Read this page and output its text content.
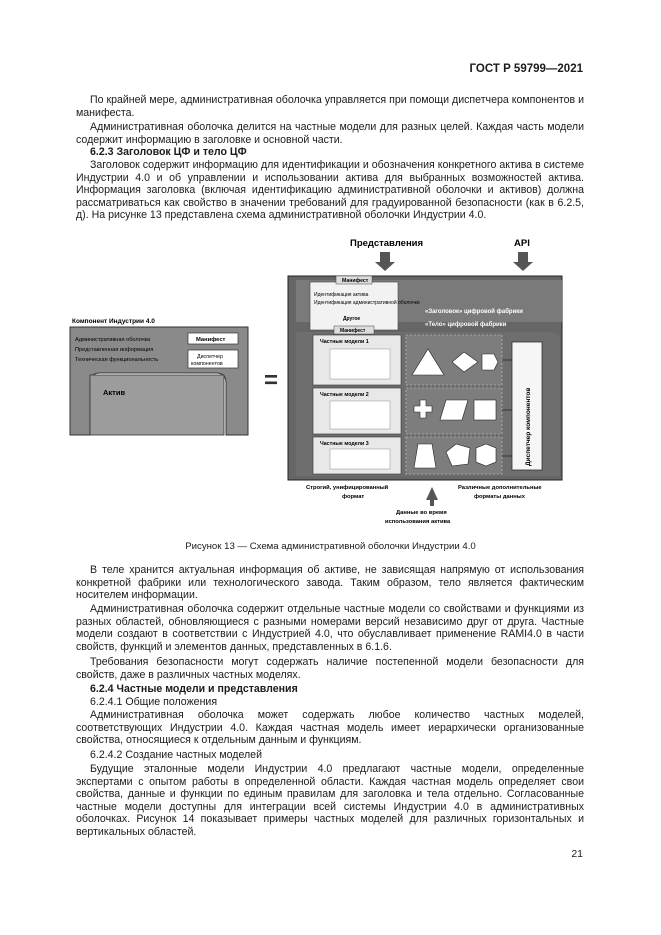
ГОСТ Р 59799—2021

По крайней мере, административная оболочка управляется при помощи диспетчера компонентов и манифеста.

Административная оболочка делится на частные модели для разных целей. Каждая часть модели содержит информацию в заголовке и основной части.

6.2.3 Заголовок ЦФ и тело ЦФ

Заголовок содержит информацию для идентификации и обозначения конкретного актива в системе Индустрии 4.0 и об управлении и использовании актива для выбранных возможностей актива. Информация заголовка (включая идентификацию административной оболочки и активов) должна рассматриваться как свойство в значении требований для градуированной безопасности (как в 6.2.5, д). На рисунке 13 представлена схема административной оболочки Индустрии 4.0.

Представления	API
Компонент Индустрии 4.0
Актив
Административная оболочка
Представленная информация
Техническая функциональность
Манифест
Диспетчер
компонентов
=
Манифест
Идентификация актива
Идентификация административной оболочки
Другое
«Заголовок» цифровой фабрики
«Тело» цифровой фабрики
Манифест
Частные модели 1
Частные модели 2
Частные модели 3	Диспетчер компонентов
Строгий, унифицированный
формат
Различные дополнительные
форматы данных
Данные во время
использования актива
Рисунок 13 — Схема административной оболочки Индустрии 4.0

В теле хранится актуальная информация об активе, не зависящая напрямую от использования конкретной фабрики или технологического завода. Таким образом, тело является фактическим носителем информации.

Административная оболочка содержит отдельные частные модели со свойствами и функциями из разных областей, обновляющиеся с разными номерами версий независимо друг от друга. Частные модели создают в соответствии с Индустрией 4.0, что обуславливает применение RAMI4.0 в части свойств, функций и элементов данных, представленных в 6.1.6.

Требования безопасности могут содержать наличие постепенной модели безопасности для свойств, даже в различных частных моделях.

6.2.4 Частные модели и представления

6.2.4.1 Общие положения

Административная оболочка может содержать любое количество частных моделей, соответствующих Индустрии 4.0. Каждая частная модель имеет иерархически организованные свойства, относящиеся к отдельным данным и функциям.

6.2.4.2 Создание частных моделей

Будущие эталонные модели Индустрии 4.0 предлагают частные модели, определенные экспертами с опытом работы в определенной области. Каждая частная модель определяет свои свойства, данные и функции по единым правилам для заголовка и тела отдельно. Согласованные частные модели доступны для интеграции всей системы Индустрии 4.0 в административных оболочках. Рисунок 14 показывает примеры частных моделей для различных горизонтальных и вертикальных областей.

21
